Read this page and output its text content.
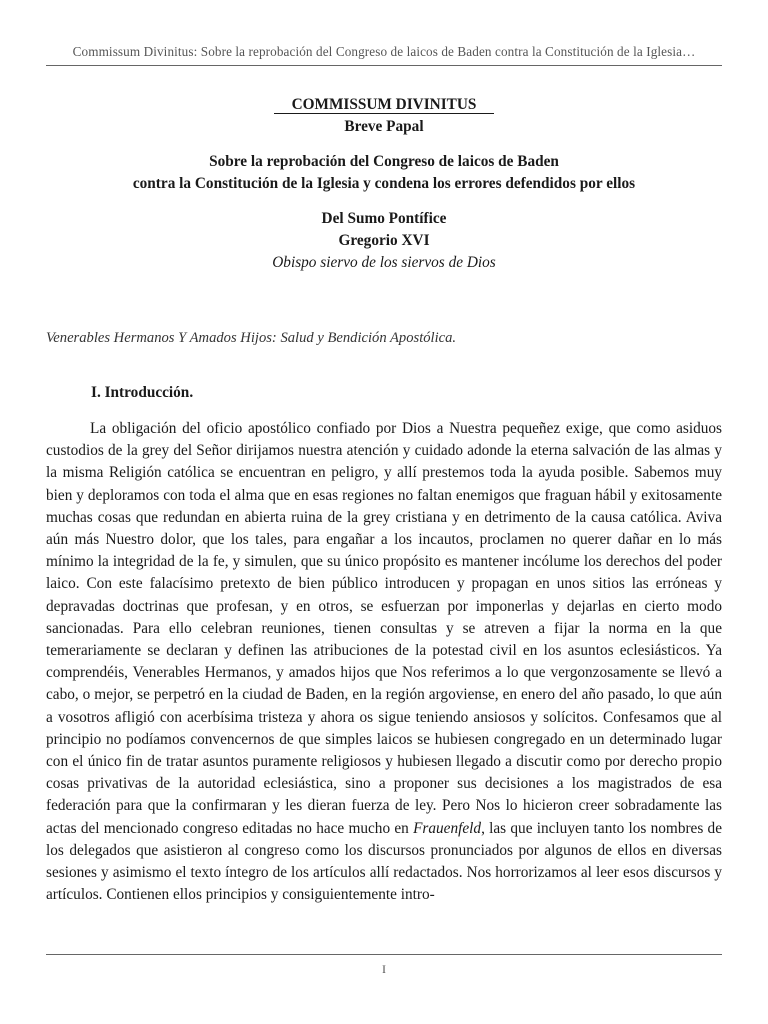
Commissum Divinitus: Sobre la reprobación del Congreso de laicos de Baden contra la Constitución de la Iglesia…
COMMISSUM DIVINITUS
Breve Papal
Sobre la reprobación del Congreso de laicos de Baden
contra la Constitución de la Iglesia y condena los errores defendidos por ellos
Del Sumo Pontífice
Gregorio XVI
Obispo siervo de los siervos de Dios
Venerables Hermanos Y Amados Hijos: Salud y Bendición Apostólica.
I. Introducción.

La obligación del oficio apostólico confiado por Dios a Nuestra pequeñez exige, que como asiduos custodios de la grey del Señor dirijamos nuestra atención y cuidado adonde la eterna salvación de las almas y la misma Religión católica se encuentran en peligro, y allí prestemos toda la ayuda posible. Sabemos muy bien y deploramos con toda el alma que en esas regiones no faltan enemigos que fraguan hábil y exitosamente muchas cosas que redundan en abierta ruina de la grey cristiana y en detrimento de la causa católica. Aviva aún más Nuestro dolor, que los tales, para engañar a los incautos, proclamen no querer dañar en lo más mínimo la integridad de la fe, y simulen, que su único propósito es mantener incólume los derechos del poder laico. Con este falacísimo pretexto de bien público introducen y propagan en unos sitios las erróneas y depravadas doctrinas que profesan, y en otros, se esfuerzan por imponerlas y dejarlas en cierto modo sancionadas. Para ello celebran reuniones, tienen consultas y se atreven a fijar la norma en la que temerariamente se declaran y definen las atribuciones de la potestad civil en los asuntos eclesiásticos. Ya comprendéis, Venerables Hermanos, y amados hijos que Nos referimos a lo que vergonzosamente se llevó a cabo, o mejor, se perpetró en la ciudad de Baden, en la región argoviense, en enero del año pasado, lo que aún a vosotros afligió con acerbísima tristeza y ahora os sigue teniendo ansiosos y solícitos. Confesamos que al principio no podíamos convencernos de que simples laicos se hubiesen congregado en un determinado lugar con el único fin de tratar asuntos puramente religiosos y hubiesen llegado a discutir como por derecho propio cosas privativas de la autoridad eclesiástica, sino a proponer sus decisiones a los magistrados de esa federación para que la confirmaran y les dieran fuerza de ley. Pero Nos lo hicieron creer sobradamente las actas del mencionado congreso editadas no hace mucho en Frauenfeld, las que incluyen tanto los nombres de los delegados que asistieron al congreso como los discursos pronunciados por algunos de ellos en diversas sesiones y asimismo el texto íntegro de los artículos allí redactados. Nos horrorizamos al leer esos discursos y artículos. Contienen ellos principios y consiguientemente intro-

I
